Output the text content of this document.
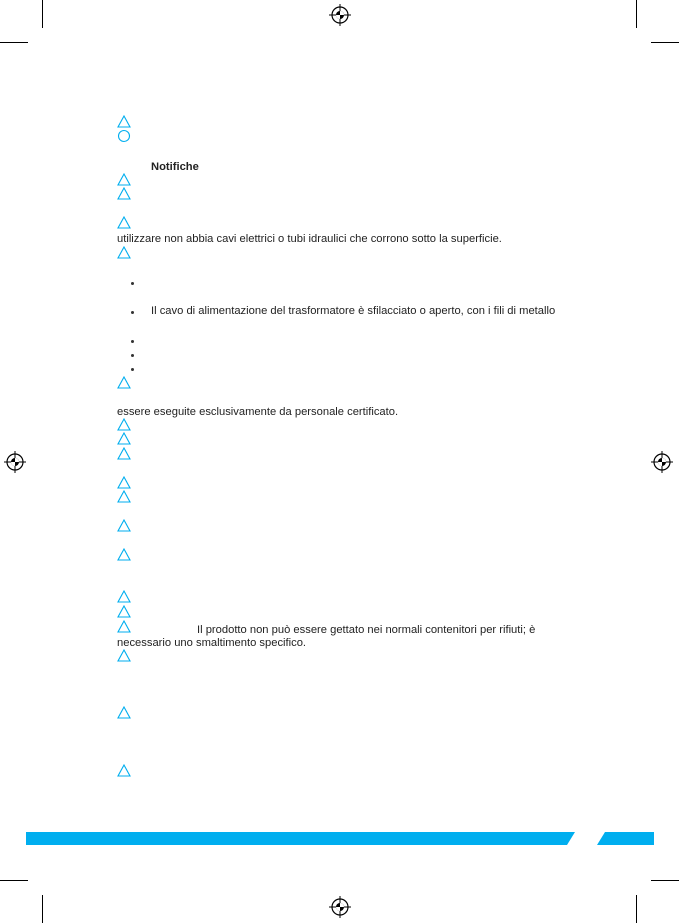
Notifiche
utilizzare non abbia cavi elettrici o tubi idraulici che corrono sotto la superficie.
Il cavo di alimentazione del trasformatore è sfilacciato o aperto, con i fili di metallo
essere eseguite esclusivamente da personale certificato.
Il prodotto non può essere gettato nei normali contenitori per rifiuti; è
necessario uno smaltimento specifico.
